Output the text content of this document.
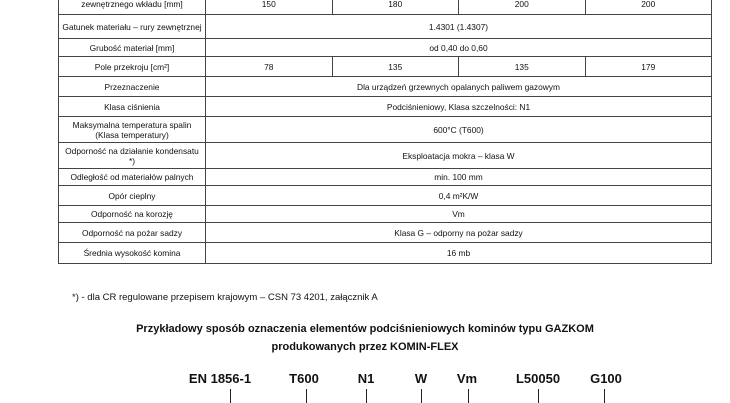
zewnętrznego wkładu [mm]	150	180	200	200
Gatunek materiału – rury zewnętrznej	1.4301 (1.4307)			
Grubość materiał [mm]	od 0,40 do 0,60			
Pole przekroju [cm²]	78	135	135	179
Przeznaczenie	Dla urządzeń grzewnych opalanych paliwem gazowym			
Klasa ciśnienia	Podciśnieniowy, Klasa szczelności: N1			
Maksymalna temperatura spalin (Klasa temperatury)	600°C (T600)			
Odporność na działanie kondensatu *)	Eksploatacja mokra – klasa W			
Odległość od materiałów palnych	min. 100 mm			
Opór cieplny	0,4 m²K/W			
Odporność na korozję	Vm			
Odporność na pożar sadzy	Klasa G – odporny na pożar sadzy			
Średnia wysokość komina	16 mb			
*) - dla CR regulowane przepisem krajowym – CSN 73 4201, załącznik A
Przykładowy sposób oznaczenia elementów podciśnieniowych kominów typu GAZKOM
produkowanych przez KOMIN-FLEX
EN 1856-1	T600	N1	W Vm	L50050 G100
